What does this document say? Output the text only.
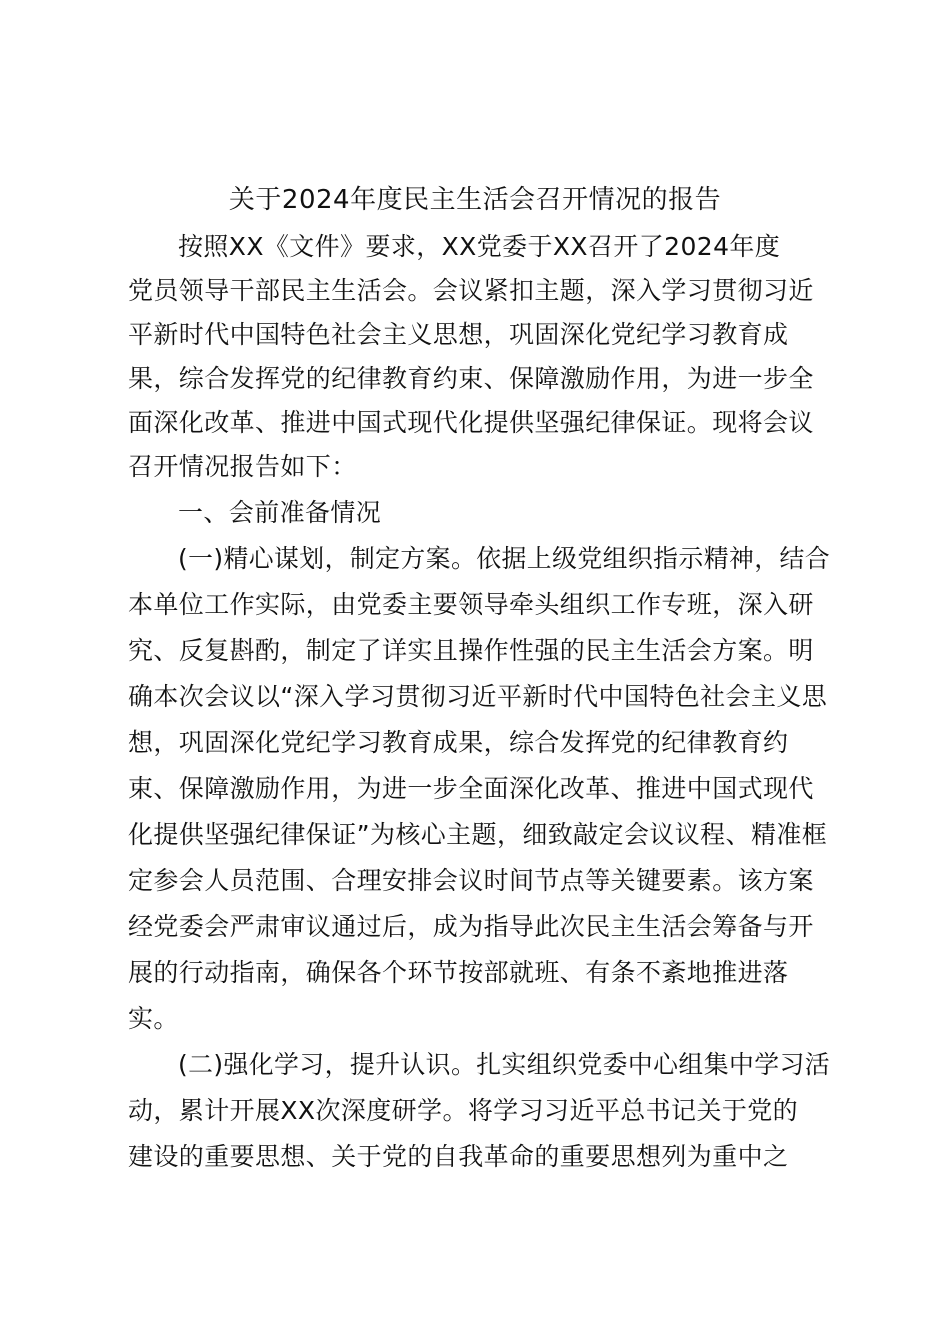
关于2024年度民主生活会召开情况的报告
按照XX《文件》要求，XX党委于XX召开了2024年度
党员领导干部民主生活会。会议紧扣主题，深入学习贯彻习近
平新时代中国特色社会主义思想，巩固深化党纪学习教育成
果，综合发挥党的纪律教育约束、保障激励作用，为进一步全
面深化改革、推进中国式现代化提供坚强纪律保证。现将会议
召开情况报告如下：
一、会前准备情况
(一)精心谋划，制定方案。依据上级党组织指示精神，结合
本单位工作实际，由党委主要领导牵头组织工作专班，深入研
究、反复斟酌，制定了详实且操作性强的民主生活会方案。明
确本次会议以“深入学习贯彻习近平新时代中国特色社会主义思
想，巩固深化党纪学习教育成果，综合发挥党的纪律教育约
束、保障激励作用，为进一步全面深化改革、推进中国式现代
化提供坚强纪律保证”为核心主题，细致敲定会议议程、精准框
定参会人员范围、合理安排会议时间节点等关键要素。该方案
经党委会严肃审议通过后，成为指导此次民主生活会筹备与开
展的行动指南，确保各个环节按部就班、有条不紊地推进落
实。
(二)强化学习，提升认识。扎实组织党委中心组集中学习活
动，累计开展XX次深度研学。将学习习近平总书记关于党的
建设的重要思想、关于党的自我革命的重要思想列为重中之
